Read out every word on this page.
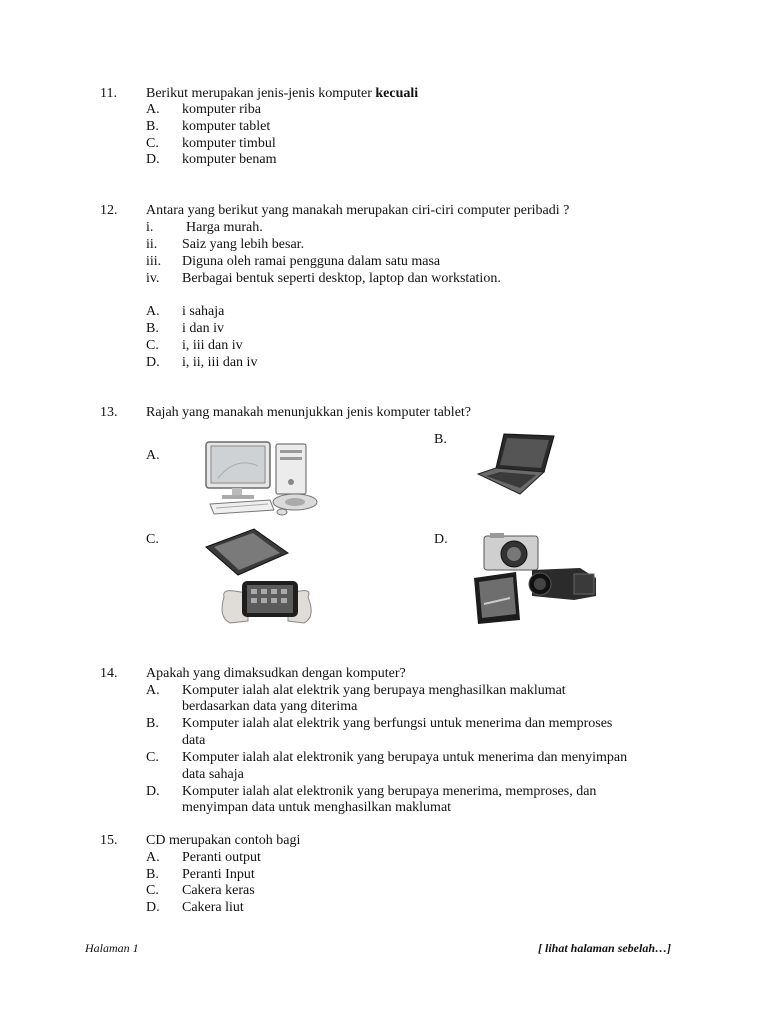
11. Berikut merupakan jenis-jenis komputer kecuali
A. komputer riba
B. komputer tablet
C. komputer timbul
D. komputer benam
12. Antara yang berikut yang manakah merupakan ciri-ciri computer peribadi ?
i. Harga murah.
ii. Saiz yang lebih besar.
iii. Diguna oleh ramai pengguna dalam satu masa
iv. Berbagai bentuk seperti desktop, laptop dan workstation.
A. i sahaja
B. i dan iv
C. i, iii dan iv
D. i, ii, iii dan iv
13. Rajah yang manakah menunjukkan jenis komputer tablet?
A.
B.
C.	D.
14. Apakah yang dimaksudkan dengan komputer?
A. Komputer ialah alat elektrik yang berupaya menghasilkan maklumat
berdasarkan data yang diterima
B. Komputer ialah alat elektrik yang berfungsi untuk menerima dan memproses
data
C. Komputer ialah alat elektronik yang berupaya untuk menerima dan menyimpan
data sahaja
D. Komputer ialah alat elektronik yang berupaya menerima, memproses, dan
menyimpan data untuk menghasilkan maklumat
15. CD merupakan contoh bagi
A. Peranti output
B. Peranti Input
C. Cakera keras
D. Cakera liut
Halaman 1	[ lihat halaman sebelah…]
